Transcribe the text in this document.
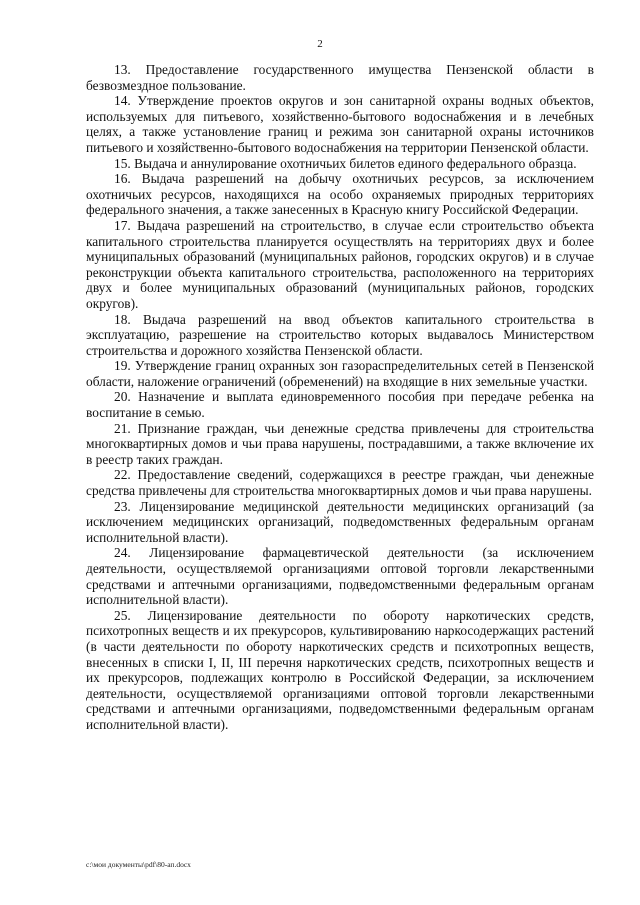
2

13. Предоставление государственного имущества Пензенской области в безвозмездное пользование.

14. Утверждение проектов округов и зон санитарной охраны водных объектов, используемых для питьевого, хозяйственно-бытового водоснабжения и в лечебных целях, а также установление границ и режима зон санитарной охраны источников питьевого и хозяйственно-бытового водоснабжения на территории Пензенской области.

15. Выдача и аннулирование охотничьих билетов единого федерального образца.

16. Выдача разрешений на добычу охотничьих ресурсов, за исключением охотничьих ресурсов, находящихся на особо охраняемых природных территориях федерального значения, а также занесенных в Красную книгу Российской Федерации.

17. Выдача разрешений на строительство, в случае если строительство объекта капитального строительства планируется осуществлять на территориях двух и более муниципальных образований (муниципальных районов, городских округов) и в случае реконструкции объекта капитального строительства, расположенного на территориях двух и более муниципальных образований (муниципальных районов, городских округов).

18. Выдача разрешений на ввод объектов капитального строительства в эксплуатацию, разрешение на строительство которых выдавалось Министерством строительства и дорожного хозяйства Пензенской области.

19. Утверждение границ охранных зон газораспределительных сетей в Пензенской области, наложение ограничений (обременений) на входящие в них земельные участки.

20. Назначение и выплата единовременного пособия при передаче ребенка на воспитание в семью.

21. Признание граждан, чьи денежные средства привлечены для строительства многоквартирных домов и чьи права нарушены, пострадавшими, а также включение их в реестр таких граждан.

22. Предоставление сведений, содержащихся в реестре граждан, чьи денежные средства привлечены для строительства многоквартирных домов и чьи права нарушены.

23. Лицензирование медицинской деятельности медицинских организаций (за исключением медицинских организаций, подведомственных федеральным органам исполнительной власти).

24. Лицензирование фармацевтической деятельности (за исключением деятельности, осуществляемой организациями оптовой торговли лекарственными средствами и аптечными организациями, подведомственными федеральным органам исполнительной власти).

25. Лицензирование деятельности по обороту наркотических средств, психотропных веществ и их прекурсоров, культивированию наркосодержащих растений (в части деятельности по обороту наркотических средств и психотропных веществ, внесенных в списки I, II, III перечня наркотических средств, психотропных веществ и их прекурсоров, подлежащих контролю в Российской Федерации, за исключением деятельности, осуществляемой организациями оптовой торговли лекарственными средствами и аптечными организациями, подведомственными федеральным органам исполнительной власти).

c:\мои документы\pdf\80-ап.docx
